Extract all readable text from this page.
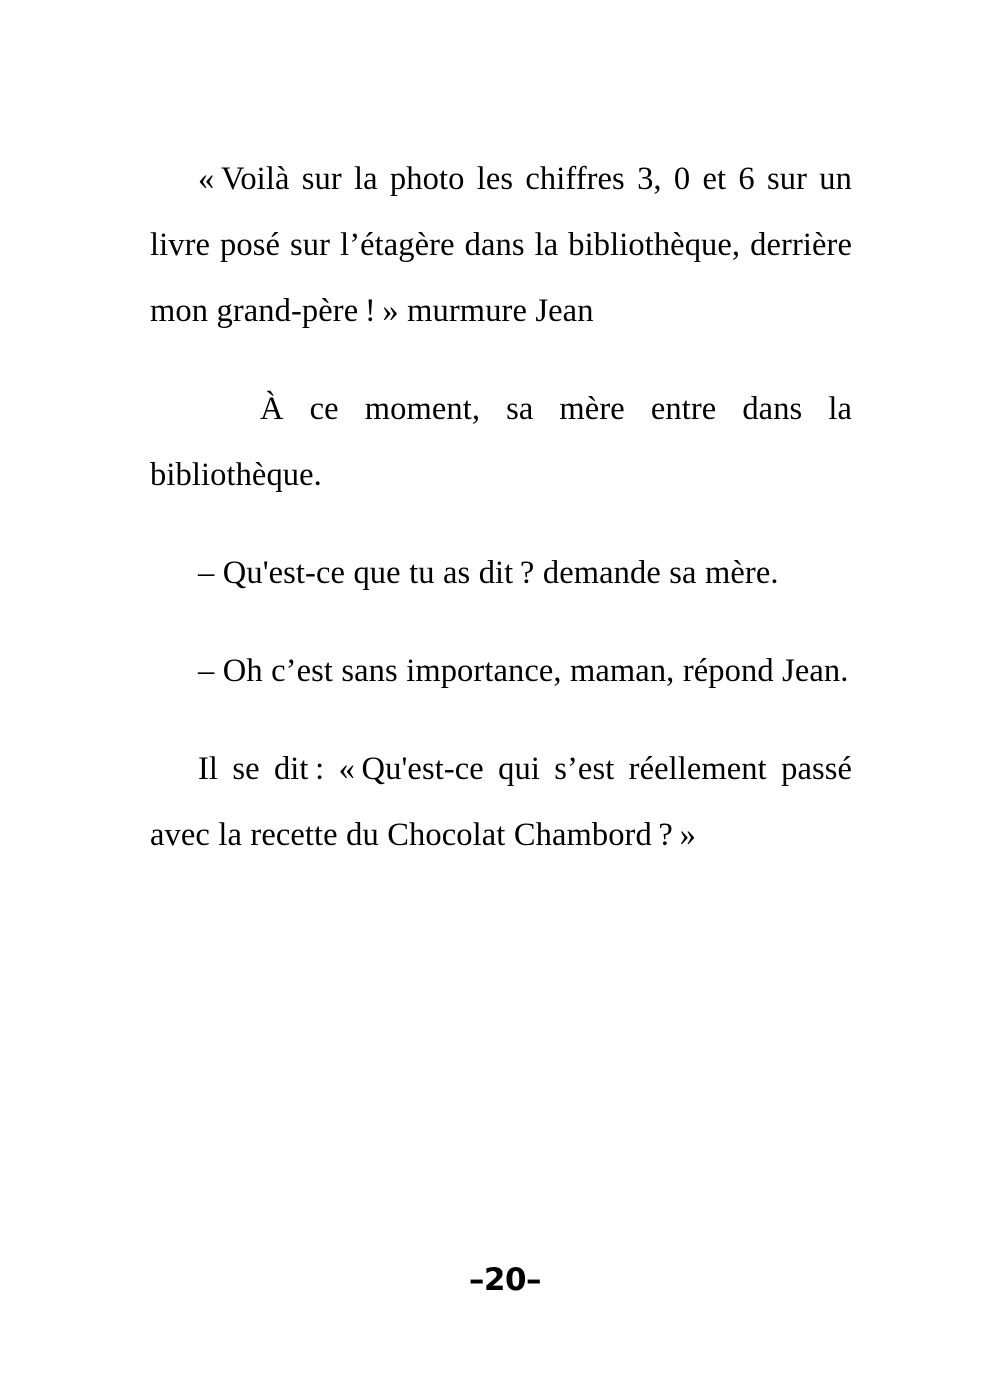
« Voilà sur la photo les chiffres 3, 0 et 6 sur un livre posé sur l’étagère dans la bibliothèque, derrière mon grand-père ! » murmure Jean

À ce moment, sa mère entre dans la bibliothèque.

– Qu'est-ce que tu as dit ? demande sa mère.

– Oh c’est sans importance, maman, répond Jean.

Il se dit : « Qu'est-ce qui s’est réellement passé avec la recette du Chocolat Chambord ? »

–20–
